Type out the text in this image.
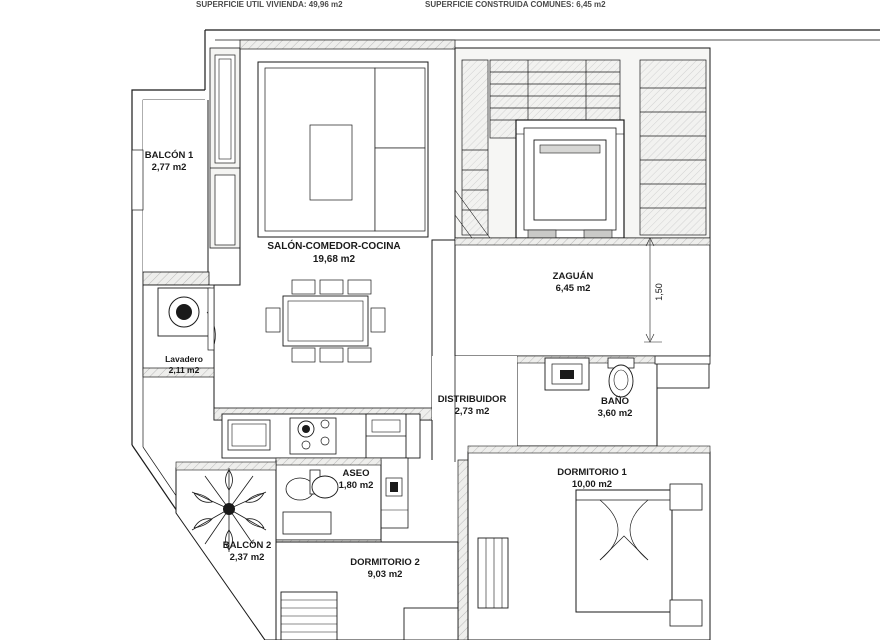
BALCÓN 1
2,77 m2
SALÓN-COMEDOR-COCINA
19,68 m2
Lavadero
2,11 m2
ZAGUÁN
6,45 m2
DISTRIBUIDOR
2,73 m2
BAÑO
3,60 m2
ASEO
1,80 m2
DORMITORIO 1
10,00 m2
BALCÓN 2
2,37 m2	DORMITORIO 2
9,03 m2
SUPERFICIE UTIL VIVIENDA: 49,96 m2	SUPERFICIE CONSTRUIDA COMUNES: 6,45 m2
1,50
